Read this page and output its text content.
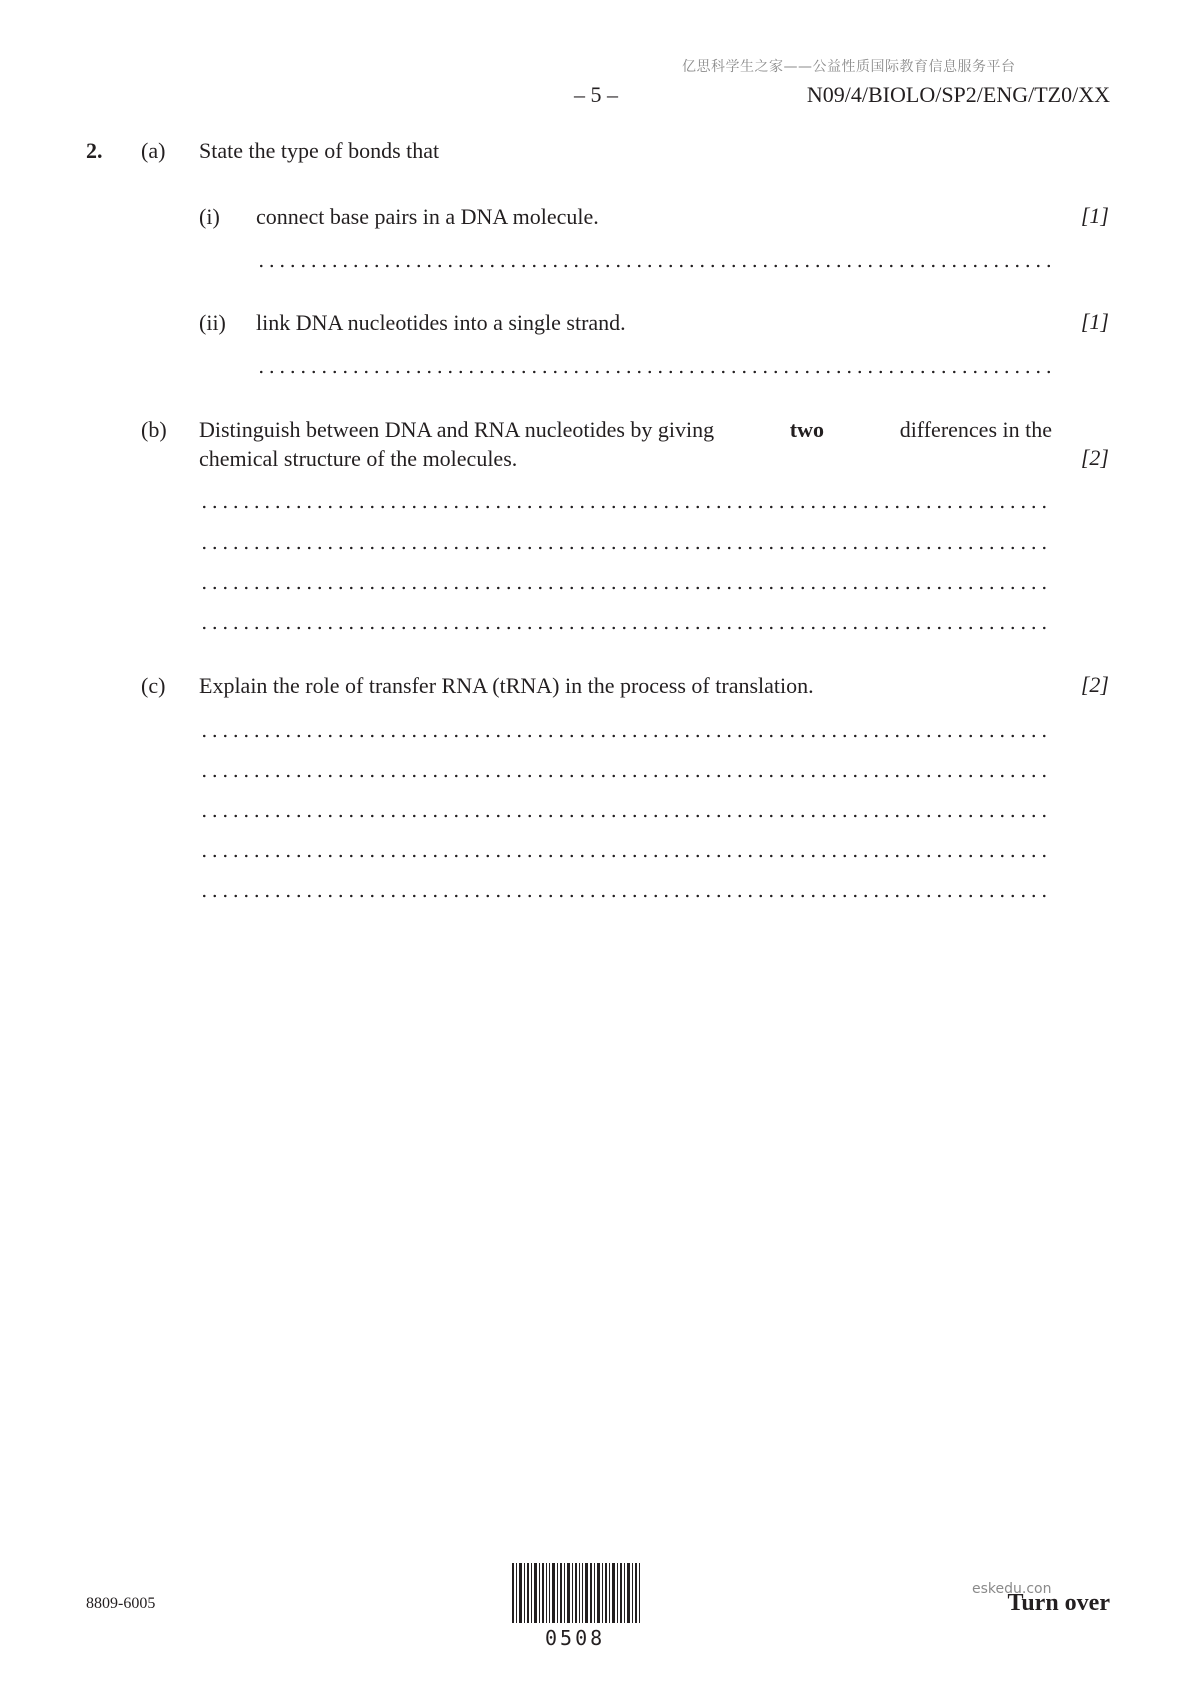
亿思科学生之家——公益性质国际教育信息服务平台
– 5 –	N09/4/BIOLO/SP2/ENG/TZ0/XX
2. (a) State the type of bonds that
(i) connect base pairs in a DNA molecule.	[1]
(ii) link DNA nucleotides into a single strand.	[1]
(b) Distinguish between DNA and RNA nucleotides by giving	two	differences in the
chemical structure of the molecules.	[2]
(c) Explain the role of transfer RNA (tRNA) in the process of translation.	[2]
8809-6005
0508
eskedu.con
Turn over
